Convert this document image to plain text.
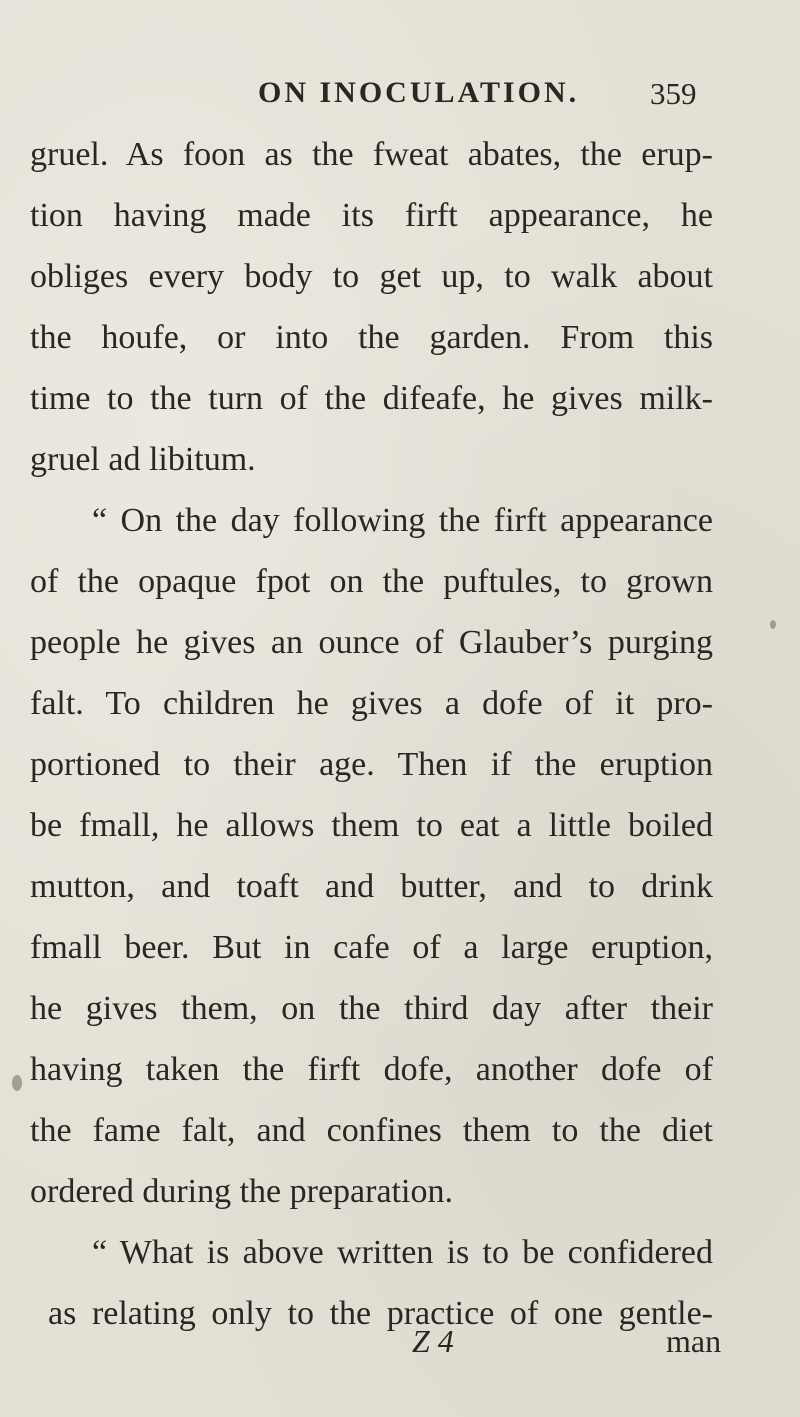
ON INOCULATION. 359
gruel. As foon as the fweat abates, the erup-
tion having made its firft appearance, he
obliges every body to get up, to walk about
the houfe, or into the garden. From this
time to the turn of the difeafe, he gives milk-
gruel ad libitum.
“ On the day following the firft appearance
of the opaque fpot on the puftules, to grown
people he gives an ounce of Glauber’s purging
falt. To children he gives a dofe of it pro-
portioned to their age. Then if the eruption
be fmall, he allows them to eat a little boiled
mutton, and toaft and butter, and to drink
fmall beer. But in cafe of a large eruption,
he gives them, on the third day after their
having taken the firft dofe, another dofe of
the fame falt, and confines them to the diet
ordered during the preparation.
“ What is above written is to be confidered
as relating only to the practice of one gentle-
Z 4	man
